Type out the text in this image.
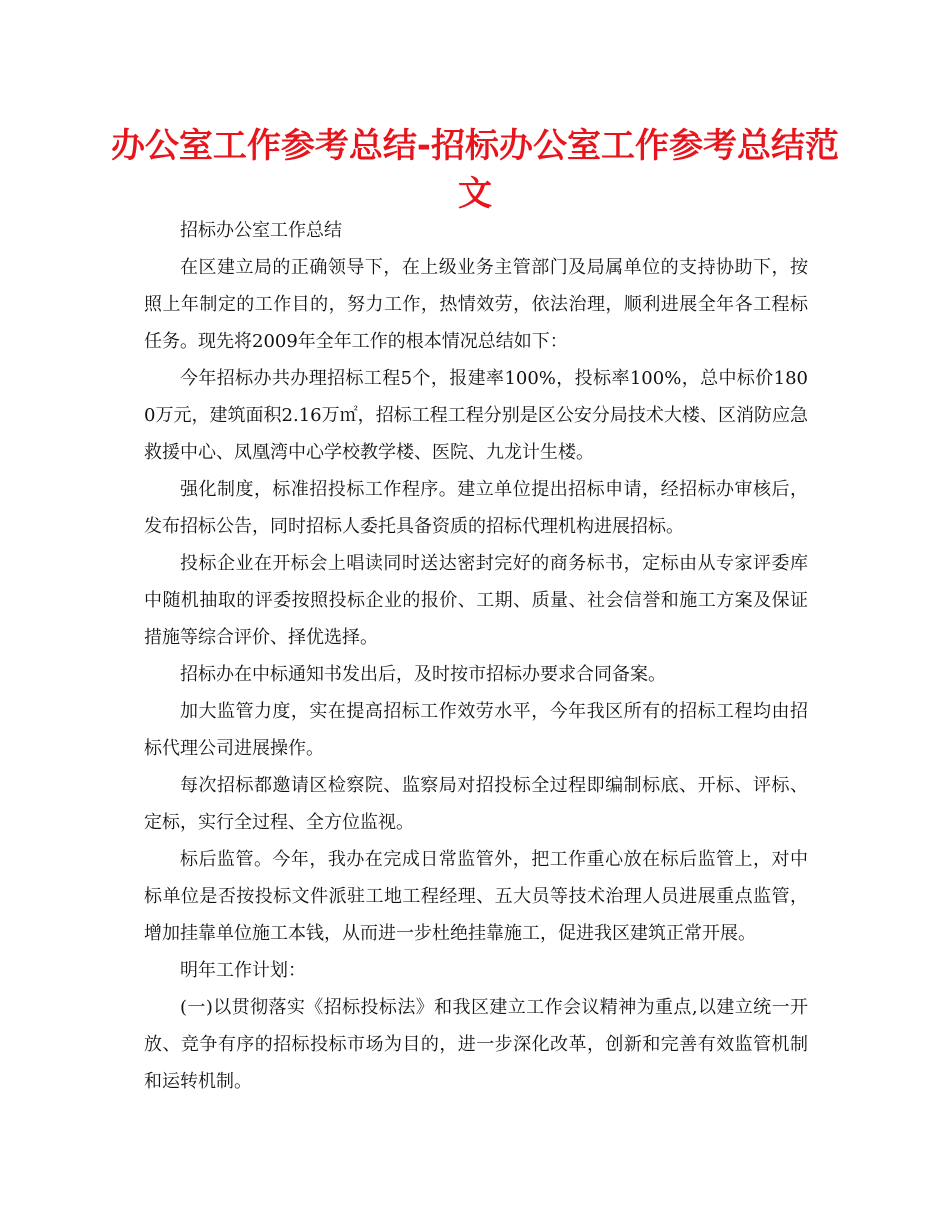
办公室工作参考总结-招标办公室工作参考总结范文

招标办公室工作总结

在区建立局的正确领导下，在上级业务主管部门及局属单位的支持协助下，按照上年制定的工作目的，努力工作，热情效劳，依法治理，顺利进展全年各工程标任务。现先将2009年全年工作的根本情况总结如下：

今年招标办共办理招标工程5个，报建率100%，投标率100%，总中标价1800万元，建筑面积2.16万㎡，招标工程工程分别是区公安分局技术大楼、区消防应急救援中心、凤凰湾中心学校教学楼、医院、九龙计生楼。

强化制度，标准招投标工作程序。建立单位提出招标申请，经招标办审核后，发布招标公告，同时招标人委托具备资质的招标代理机构进展招标。

投标企业在开标会上唱读同时送达密封完好的商务标书，定标由从专家评委库中随机抽取的评委按照投标企业的报价、工期、质量、社会信誉和施工方案及保证措施等综合评价、择优选择。

招标办在中标通知书发出后，及时按市招标办要求合同备案。

加大监管力度，实在提高招标工作效劳水平，今年我区所有的招标工程均由招标代理公司进展操作。

每次招标都邀请区检察院、监察局对招投标全过程即编制标底、开标、评标、定标，实行全过程、全方位监视。

标后监管。今年，我办在完成日常监管外，把工作重心放在标后监管上，对中标单位是否按投标文件派驻工地工程经理、五大员等技术治理人员进展重点监管，增加挂靠单位施工本钱，从而进一步杜绝挂靠施工，促进我区建筑正常开展。

明年工作计划：

(一)以贯彻落实《招标投标法》和我区建立工作会议精神为重点,以建立统一开放、竞争有序的招标投标市场为目的，进一步深化改革，创新和完善有效监管机制和运转机制。
